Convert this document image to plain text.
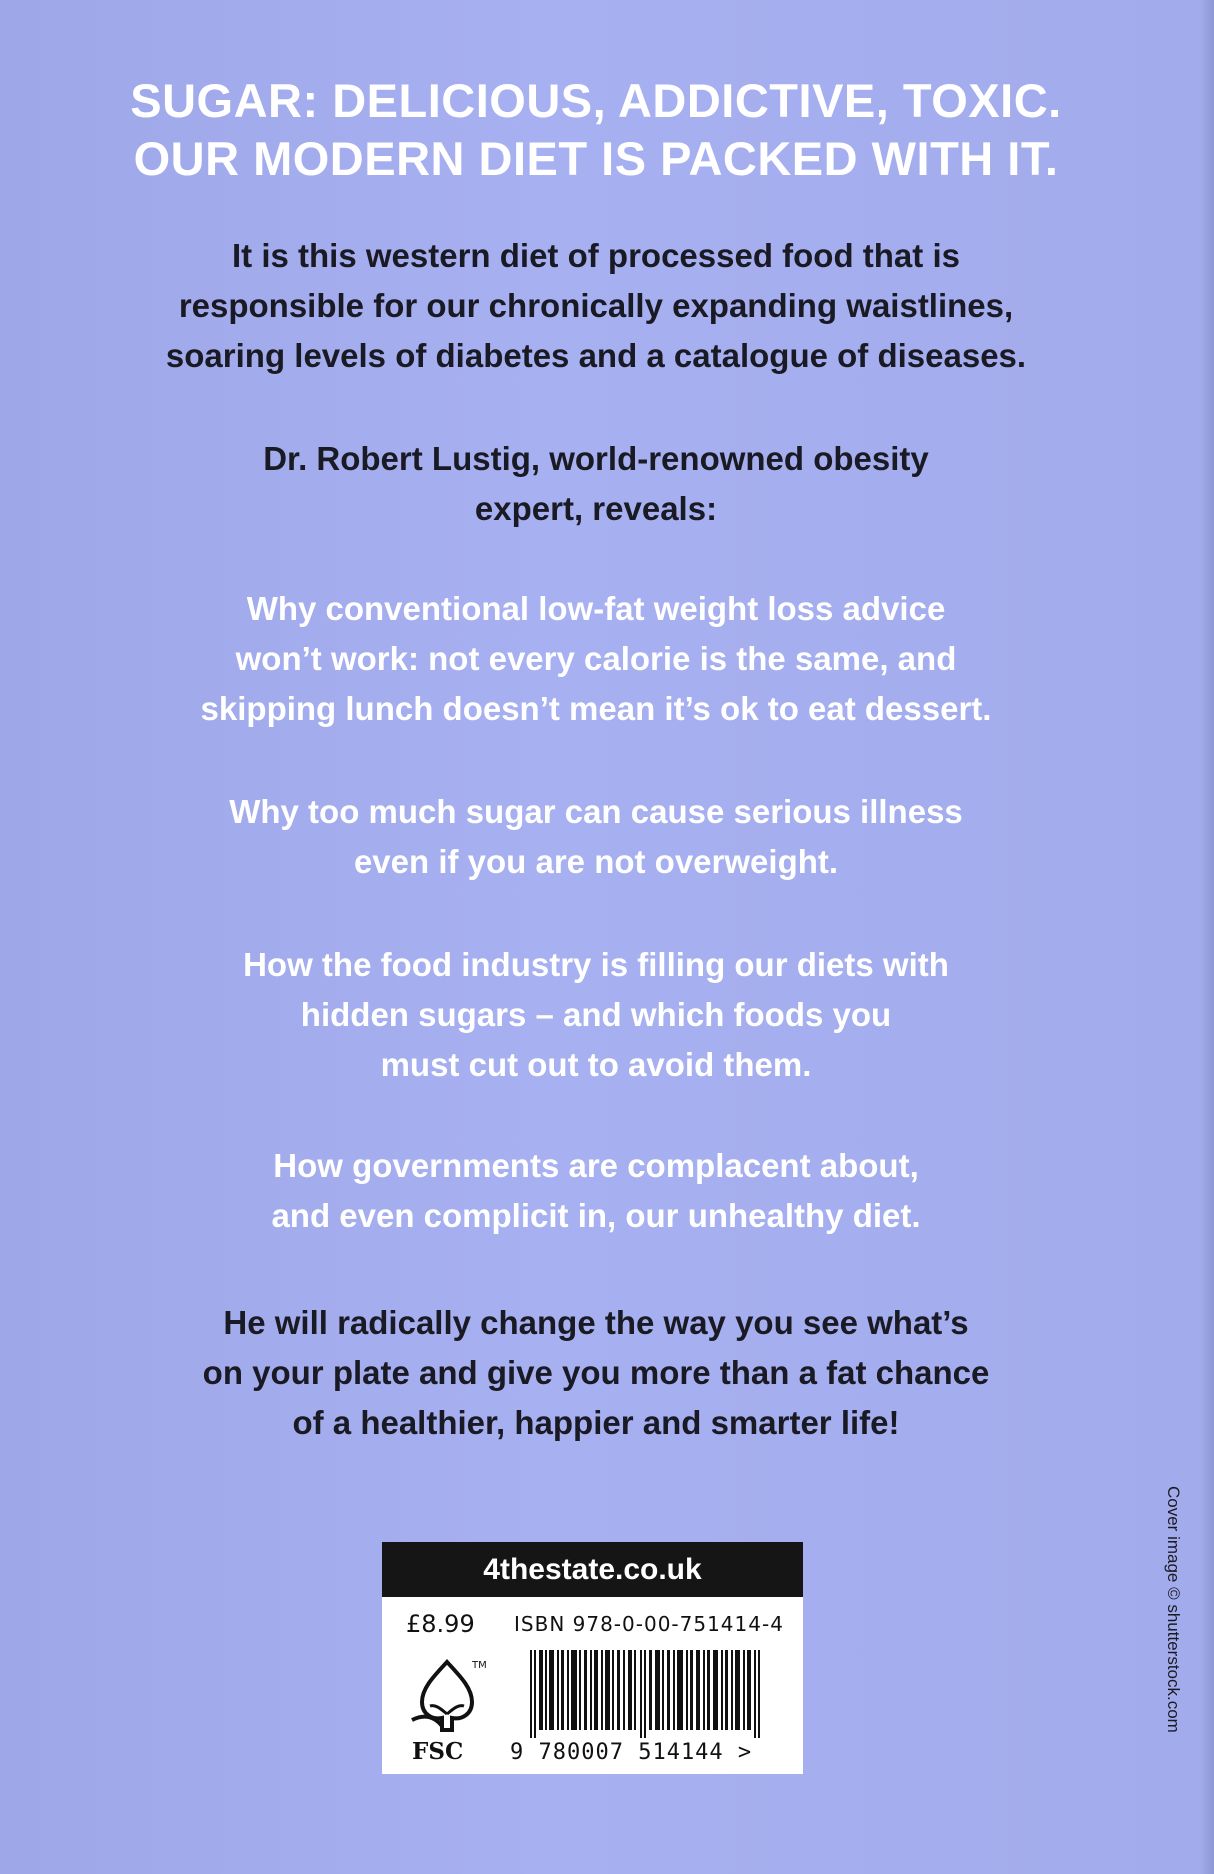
SUGAR: DELICIOUS, ADDICTIVE, TOXIC.
OUR MODERN DIET IS PACKED WITH IT.
It is this western diet of processed food that is
responsible for our chronically expanding waistlines,
soaring levels of diabetes and a catalogue of diseases.
Dr. Robert Lustig, world-renowned obesity
expert, reveals:
Why conventional low-fat weight loss advice
won’t work: not every calorie is the same, and
skipping lunch doesn’t mean it’s ok to eat dessert.
Why too much sugar can cause serious illness
even if you are not overweight.
How the food industry is filling our diets with
hidden sugars – and which foods you
must cut out to avoid them.
How governments are complacent about,
and even complicit in, our unhealthy diet.
He will radically change the way you see what’s
on your plate and give you more than a fat chance
of a healthier, happier and smarter life!
Cover image © shutterstock.com
4thestate.co.uk
£8.99 ISBN 978-0-00-751414-4
TM
FSC 9 780007 514144 >
